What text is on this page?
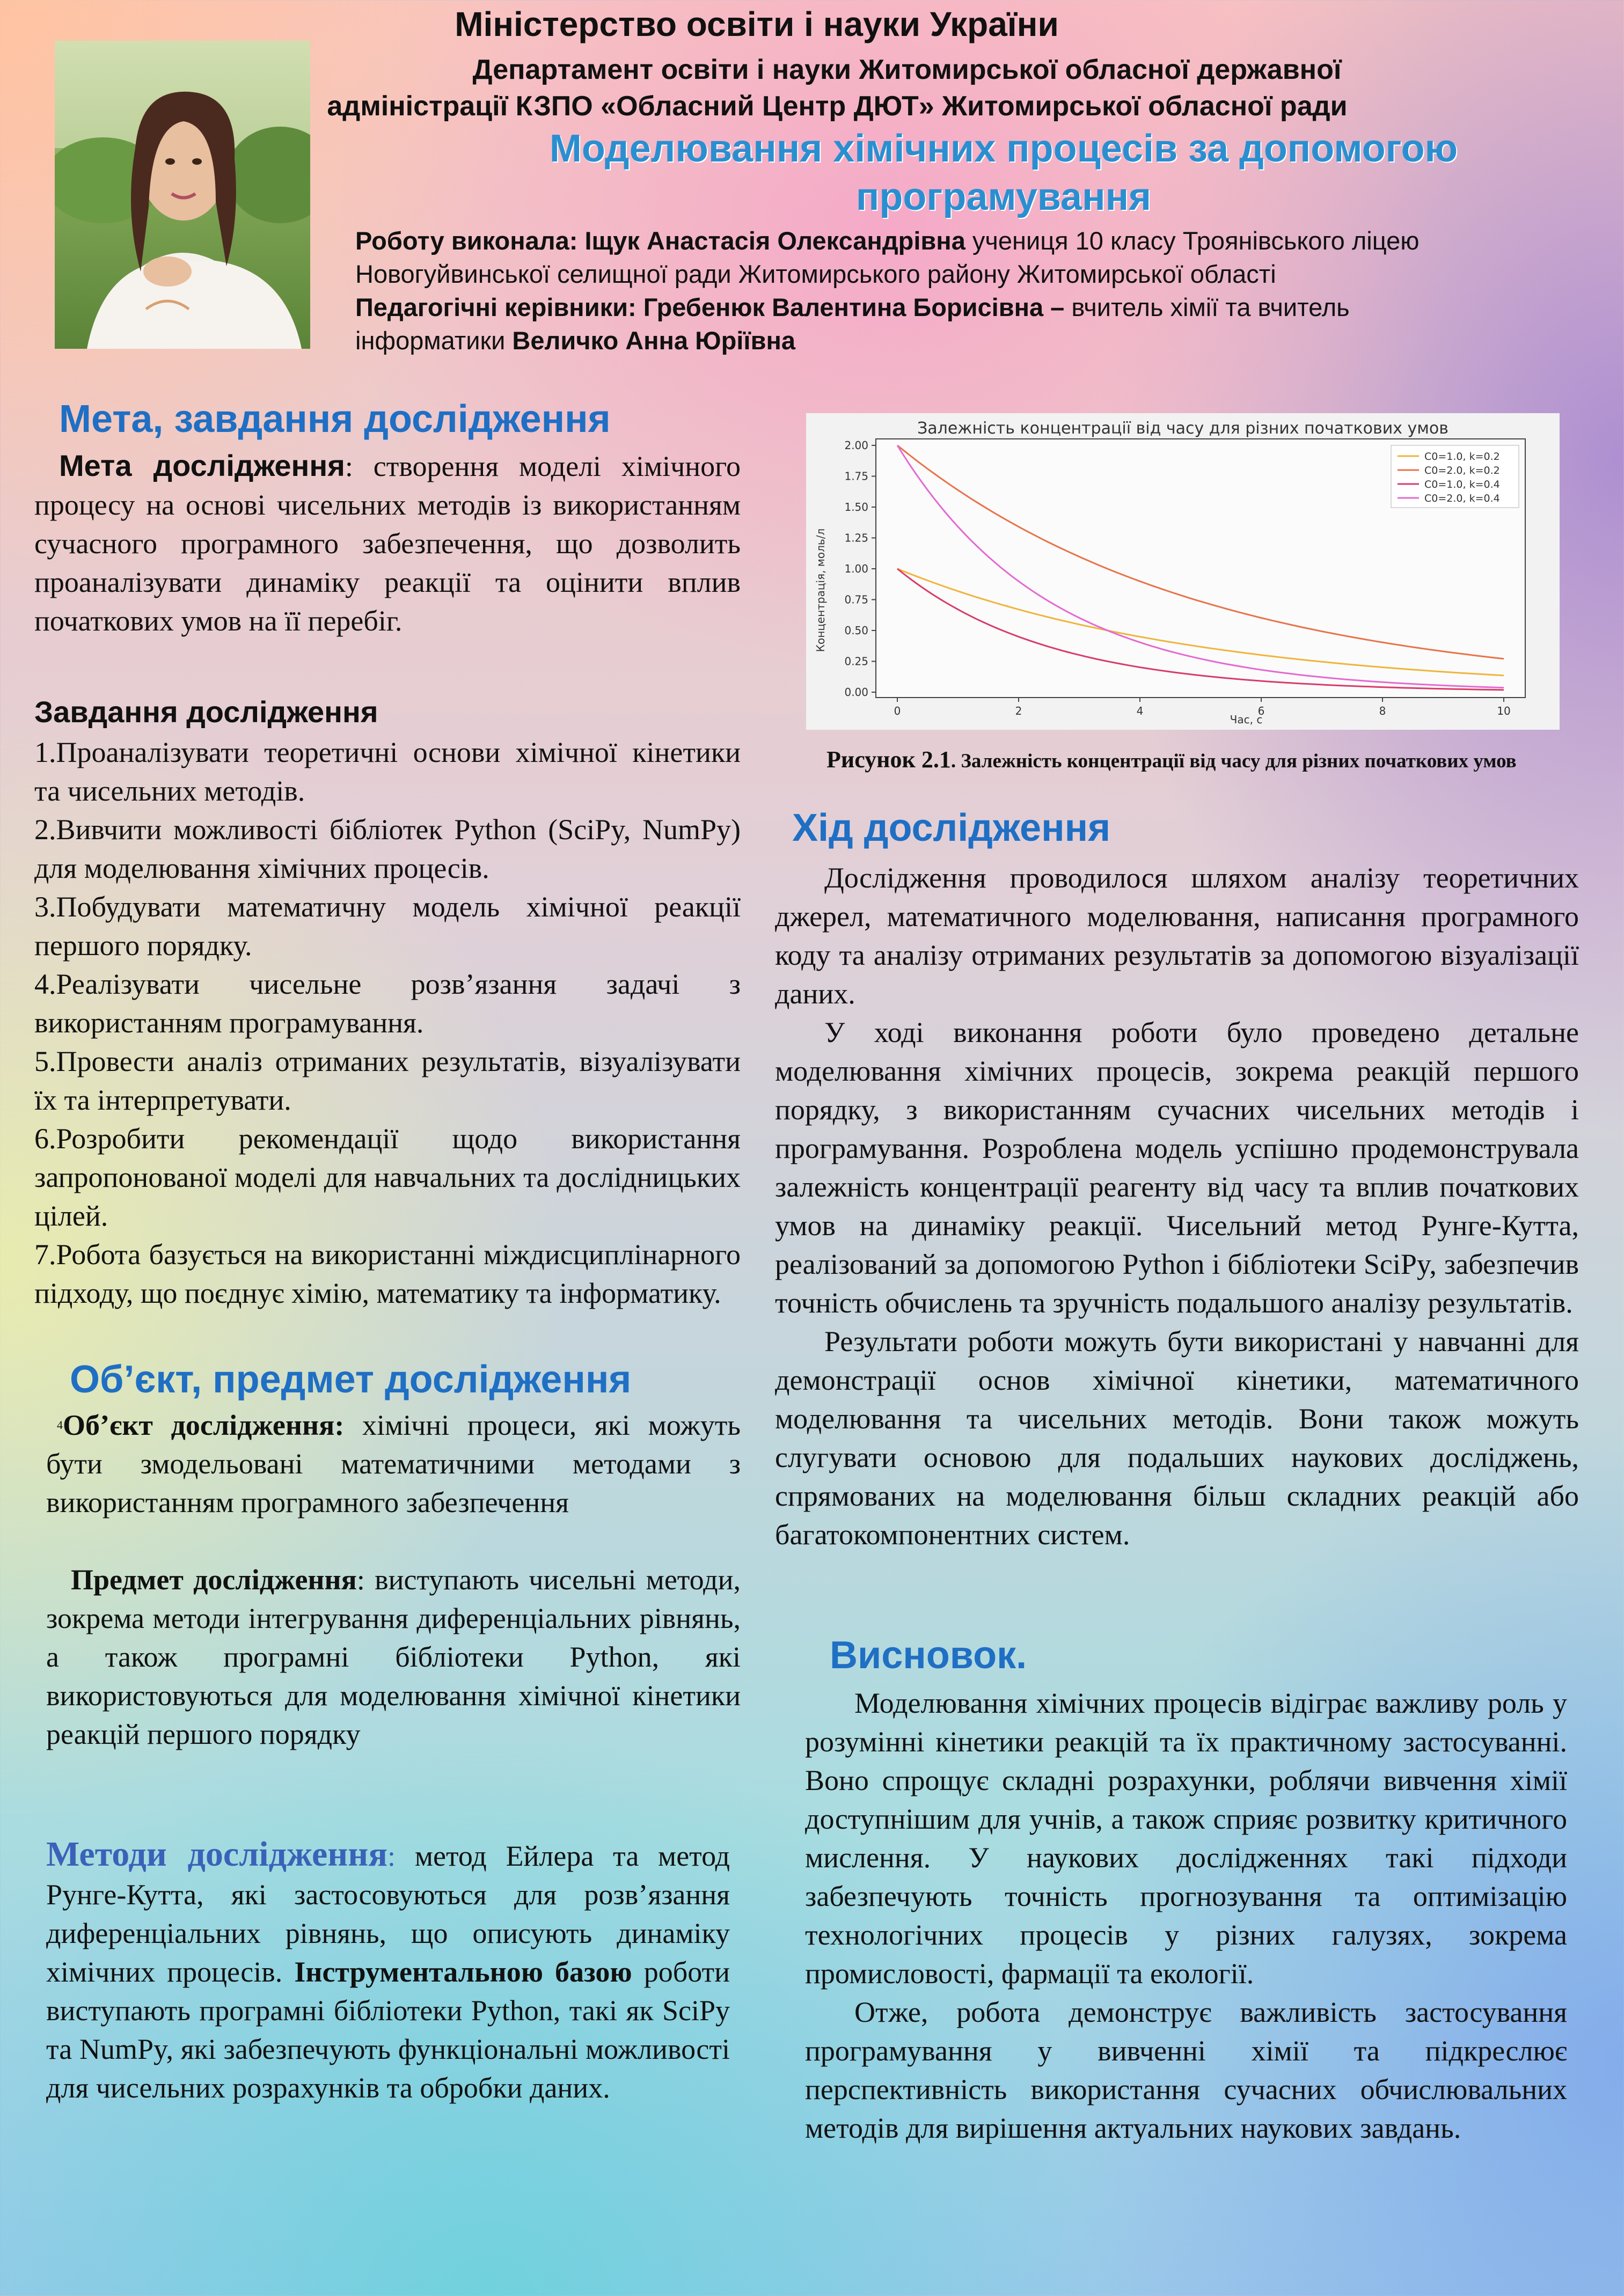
Міністерство освіти і науки України
Департамент освіти і науки Житомирської обласної державної
адміністрації КЗПО «Обласний Центр ДЮТ» Житомирської обласної ради
Моделювання хімічних процесів за допомогою програмування
Роботу виконала: Іщук Анастасія Олександрівна учениця 10 класу Троянівського ліцею Новогуйвинської селищної ради Житомирського району Житомирської області
Педагогічні керівники: Гребенюк Валентина Борисівна – вчитель хімії та вчитель інформатики Величко Анна Юріївна
Мета, завдання дослідження

Мета дослідження: створення моделі хімічного процесу на основі чисельних методів із використанням сучасного програмного забезпечення, що дозволить проаналізувати динаміку реакції та оцінити вплив початкових умов на її перебіг.

Завдання дослідження

1.Проаналізувати теоретичні основи хімічної кінетики та чисельних методів.

2.Вивчити можливості бібліотек Python (SciPy, NumPy) для моделювання хімічних процесів.

3.Побудувати математичну модель хімічної реакції першого порядку.

4.Реалізувати чисельне розв’язання задачі з використанням програмування.

5.Провести аналіз отриманих результатів, візуалізувати їх та інтерпретувати.

6.Розробити рекомендації щодо використання запропонованої моделі для навчальних та дослідницьких цілей.

7.Робота базується на використанні міждисциплінарного підходу, що поєднує хімію, математику та інформатику.

Об’єкт, предмет дослідження

4Об’єкт дослідження: хімічні процеси, які можуть бути змодельовані математичними методами з використанням програмного забезпечення

Предмет дослідження: виступають чисельні методи, зокрема методи інтегрування диференціальних рівнянь, а також програмні бібліотеки Python, які використовуються для моделювання хімічної кінетики реакцій першого порядку

Методи дослідження: метод Ейлера та метод Рунге-Кутта, які застосовуються для розв’язання диференціальних рівнянь, що описують динаміку хімічних процесів. Інструментальною базою роботи виступають програмні бібліотеки Python, такі як SciPy та NumPy, які забезпечують функціональні можливості для чисельних розрахунків та обробки даних.

Залежність концентрації від часу для різних початкових умов
Час, с
Концентрація, моль/л
0.00
0.25
0.50
0.75
1.00
1.25
1.50
1.75
2.00
0	2	4	6	8	10
C0=1.0, k=0.2
C0=2.0, k=0.2
C0=1.0, k=0.4
C0=2.0, k=0.4
Рисунок 2.1. Залежність концентрації від часу для різних початкових умов
Хід дослідження

Дослідження проводилося шляхом аналізу теоретичних джерел, математичного моделювання, написання програмного коду та аналізу отриманих результатів за допомогою візуалізації даних.

У ході виконання роботи було проведено детальне моделювання хімічних процесів, зокрема реакцій першого порядку, з використанням сучасних чисельних методів і програмування. Розроблена модель успішно продемонструвала залежність концентрації реагенту від часу та вплив початкових умов на динаміку реакції. Чисельний метод Рунге-Кутта, реалізований за допомогою Python і бібліотеки SciPy, забезпечив точність обчислень та зручність подальшого аналізу результатів.

Результати роботи можуть бути використані у навчанні для демонстрації основ хімічної кінетики, математичного моделювання та чисельних методів. Вони також можуть слугувати основою для подальших наукових досліджень, спрямованих на моделювання більш складних реакцій або багатокомпонентних систем.

Висновок.

Моделювання хімічних процесів відіграє важливу роль у розумінні кінетики реакцій та їх практичному застосуванні. Воно спрощує складні розрахунки, роблячи вивчення хімії доступнішим для учнів, а також сприяє розвитку критичного мислення. У наукових дослідженнях такі підходи забезпечують точність прогнозування та оптимізацію технологічних процесів у різних галузях, зокрема промисловості, фармації та екології.

Отже, робота демонструє важливість застосування програмування у вивченні хімії та підкреслює перспективність використання сучасних обчислювальних методів для вирішення актуальних наукових завдань.
